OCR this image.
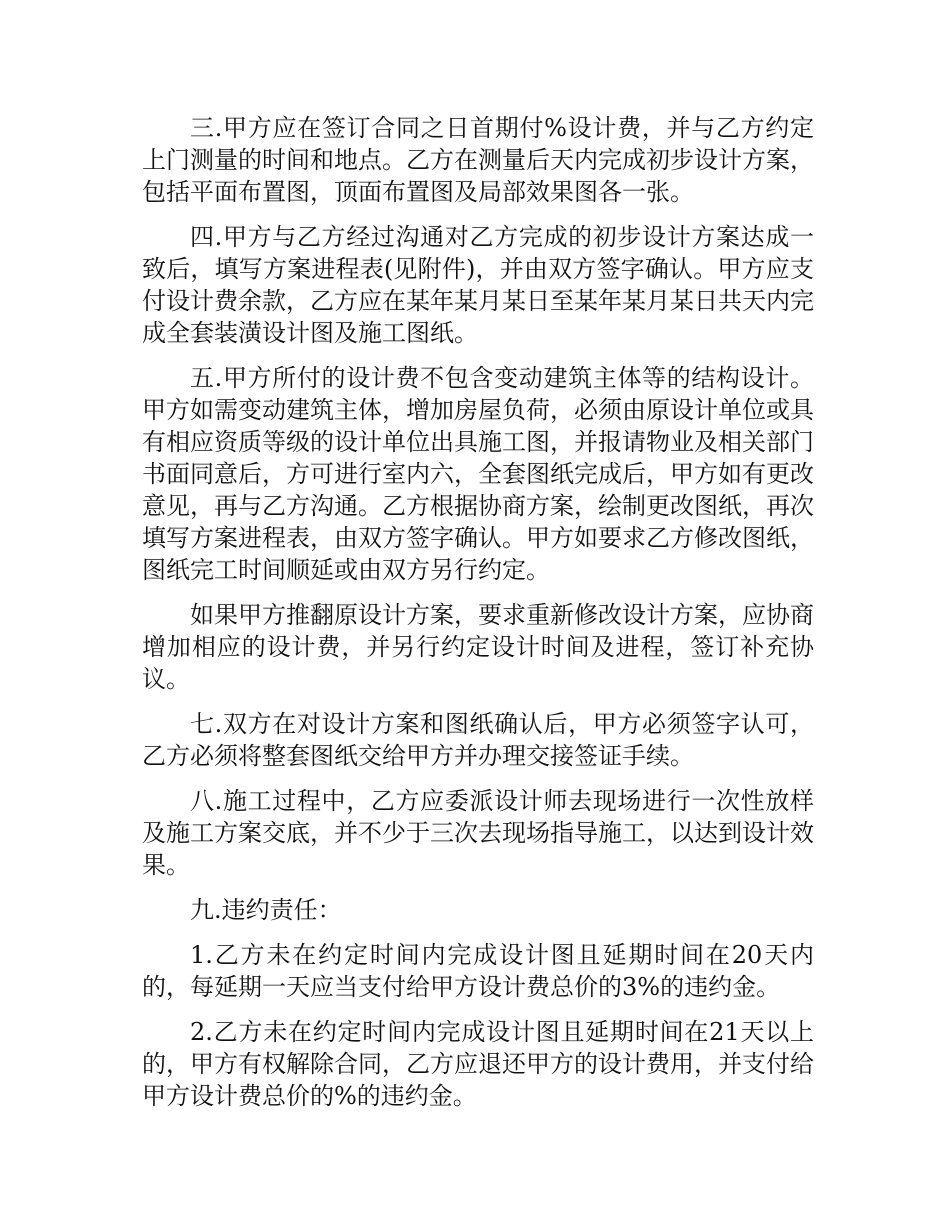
三.甲方应在签订合同之日首期付%设计费，并与乙方约定上门测量的时间和地点。乙方在测量后天内完成初步设计方案，包括平面布置图，顶面布置图及局部效果图各一张。

四.甲方与乙方经过沟通对乙方完成的初步设计方案达成一致后，填写方案进程表(见附件)，并由双方签字确认。甲方应支付设计费余款，乙方应在某年某月某日至某年某月某日共天内完成全套装潢设计图及施工图纸。

五.甲方所付的设计费不包含变动建筑主体等的结构设计。甲方如需变动建筑主体，增加房屋负荷，必须由原设计单位或具有相应资质等级的设计单位出具施工图，并报请物业及相关部门书面同意后，方可进行室内六，全套图纸完成后，甲方如有更改意见，再与乙方沟通。乙方根据协商方案，绘制更改图纸，再次填写方案进程表，由双方签字确认。甲方如要求乙方修改图纸，图纸完工时间顺延或由双方另行约定。

如果甲方推翻原设计方案，要求重新修改设计方案，应协商增加相应的设计费，并另行约定设计时间及进程，签订补充协议。

七.双方在对设计方案和图纸确认后，甲方必须签字认可，乙方必须将整套图纸交给甲方并办理交接签证手续。

八.施工过程中，乙方应委派设计师去现场进行一次性放样及施工方案交底，并不少于三次去现场指导施工，以达到设计效果。

九.违约责任：

1.乙方未在约定时间内完成设计图且延期时间在20天内的，每延期一天应当支付给甲方设计费总价的3%的违约金。

2.乙方未在约定时间内完成设计图且延期时间在21天以上的，甲方有权解除合同，乙方应退还甲方的设计费用，并支付给甲方设计费总价的%的违约金。
